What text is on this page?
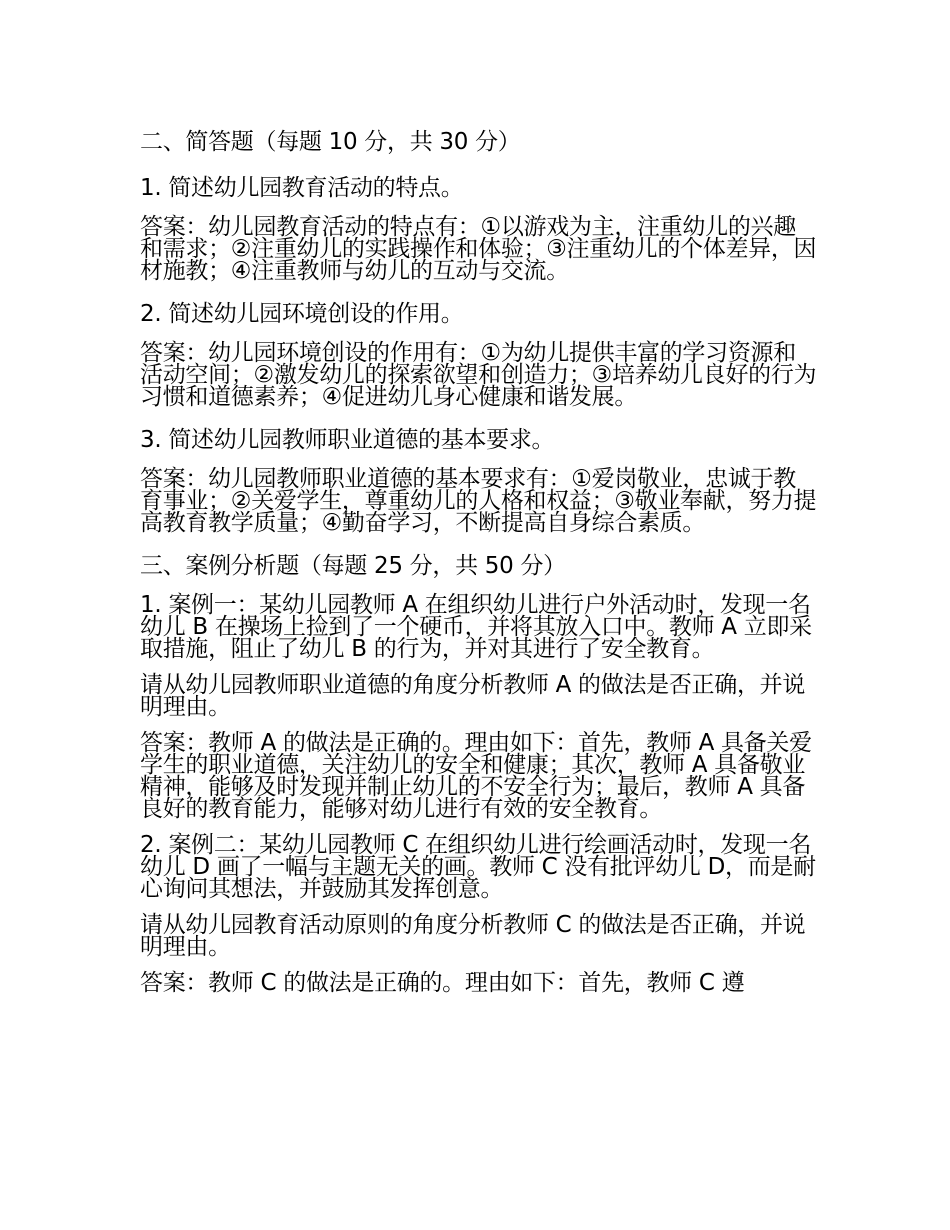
二、简答题（每题 10 分，共 30 分）

1. 简述幼儿园教育活动的特点。

答案：幼儿园教育活动的特点有：①以游戏为主，注重幼儿的兴趣和需求；②注重幼儿的实践操作和体验；③注重幼儿的个体差异，因材施教；④注重教师与幼儿的互动与交流。

2. 简述幼儿园环境创设的作用。

答案：幼儿园环境创设的作用有：①为幼儿提供丰富的学习资源和活动空间；②激发幼儿的探索欲望和创造力；③培养幼儿良好的行为习惯和道德素养；④促进幼儿身心健康和谐发展。

3. 简述幼儿园教师职业道德的基本要求。

答案：幼儿园教师职业道德的基本要求有：①爱岗敬业，忠诚于教育事业；②关爱学生，尊重幼儿的人格和权益；③敬业奉献，努力提高教育教学质量；④勤奋学习，不断提高自身综合素质。

三、案例分析题（每题 25 分，共 50 分）

1. 案例一：某幼儿园教师 A 在组织幼儿进行户外活动时，发现一名幼儿 B 在操场上捡到了一个硬币，并将其放入口中。教师 A 立即采取措施，阻止了幼儿 B 的行为，并对其进行了安全教育。

请从幼儿园教师职业道德的角度分析教师 A 的做法是否正确，并说明理由。

答案：教师 A 的做法是正确的。理由如下：首先，教师 A 具备关爱学生的职业道德，关注幼儿的安全和健康；其次，教师 A 具备敬业精神，能够及时发现并制止幼儿的不安全行为；最后，教师 A 具备良好的教育能力，能够对幼儿进行有效的安全教育。

2. 案例二：某幼儿园教师 C 在组织幼儿进行绘画活动时，发现一名幼儿 D 画了一幅与主题无关的画。教师 C 没有批评幼儿 D，而是耐心询问其想法，并鼓励其发挥创意。

请从幼儿园教育活动原则的角度分析教师 C 的做法是否正确，并说明理由。

答案：教师 C 的做法是正确的。理由如下：首先，教师 C 遵
